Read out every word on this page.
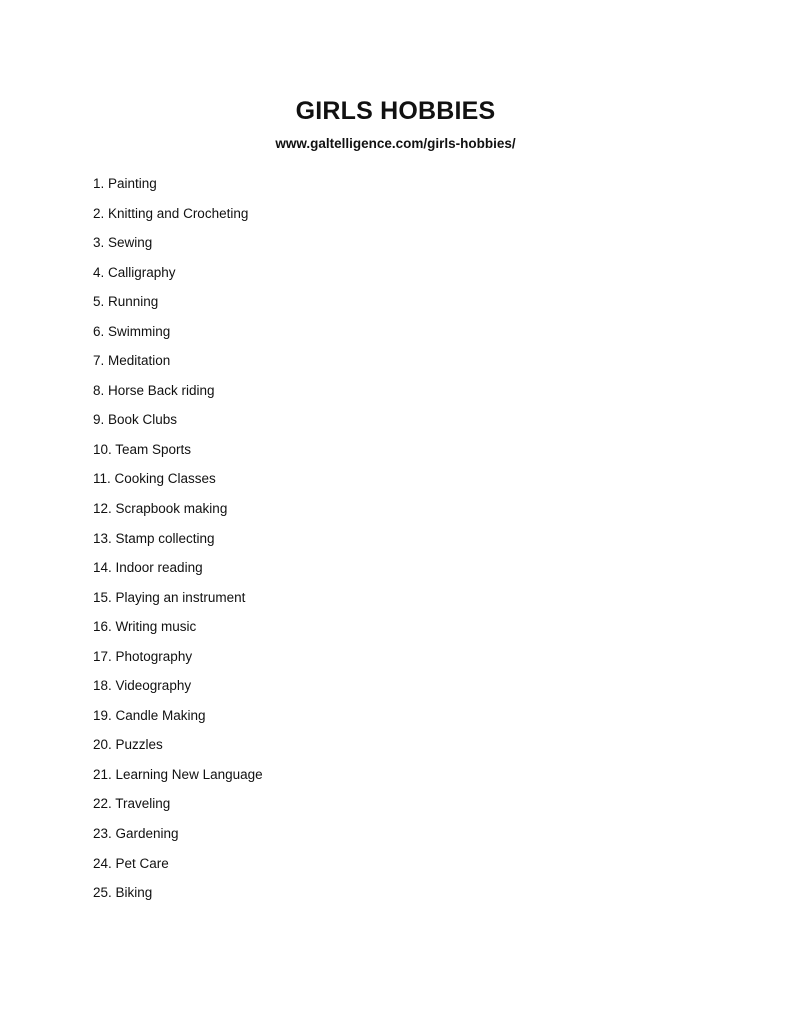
GIRLS HOBBIES
www.galtelligence.com/girls-hobbies/
1. Painting
2. Knitting and Crocheting
3. Sewing
4. Calligraphy
5. Running
6. Swimming
7. Meditation
8. Horse Back riding
9. Book Clubs
10. Team Sports
11. Cooking Classes
12. Scrapbook making
13. Stamp collecting
14. Indoor reading
15. Playing an instrument
16. Writing music
17. Photography
18. Videography
19. Candle Making
20. Puzzles
21. Learning New Language
22. Traveling
23. Gardening
24. Pet Care
25. Biking
